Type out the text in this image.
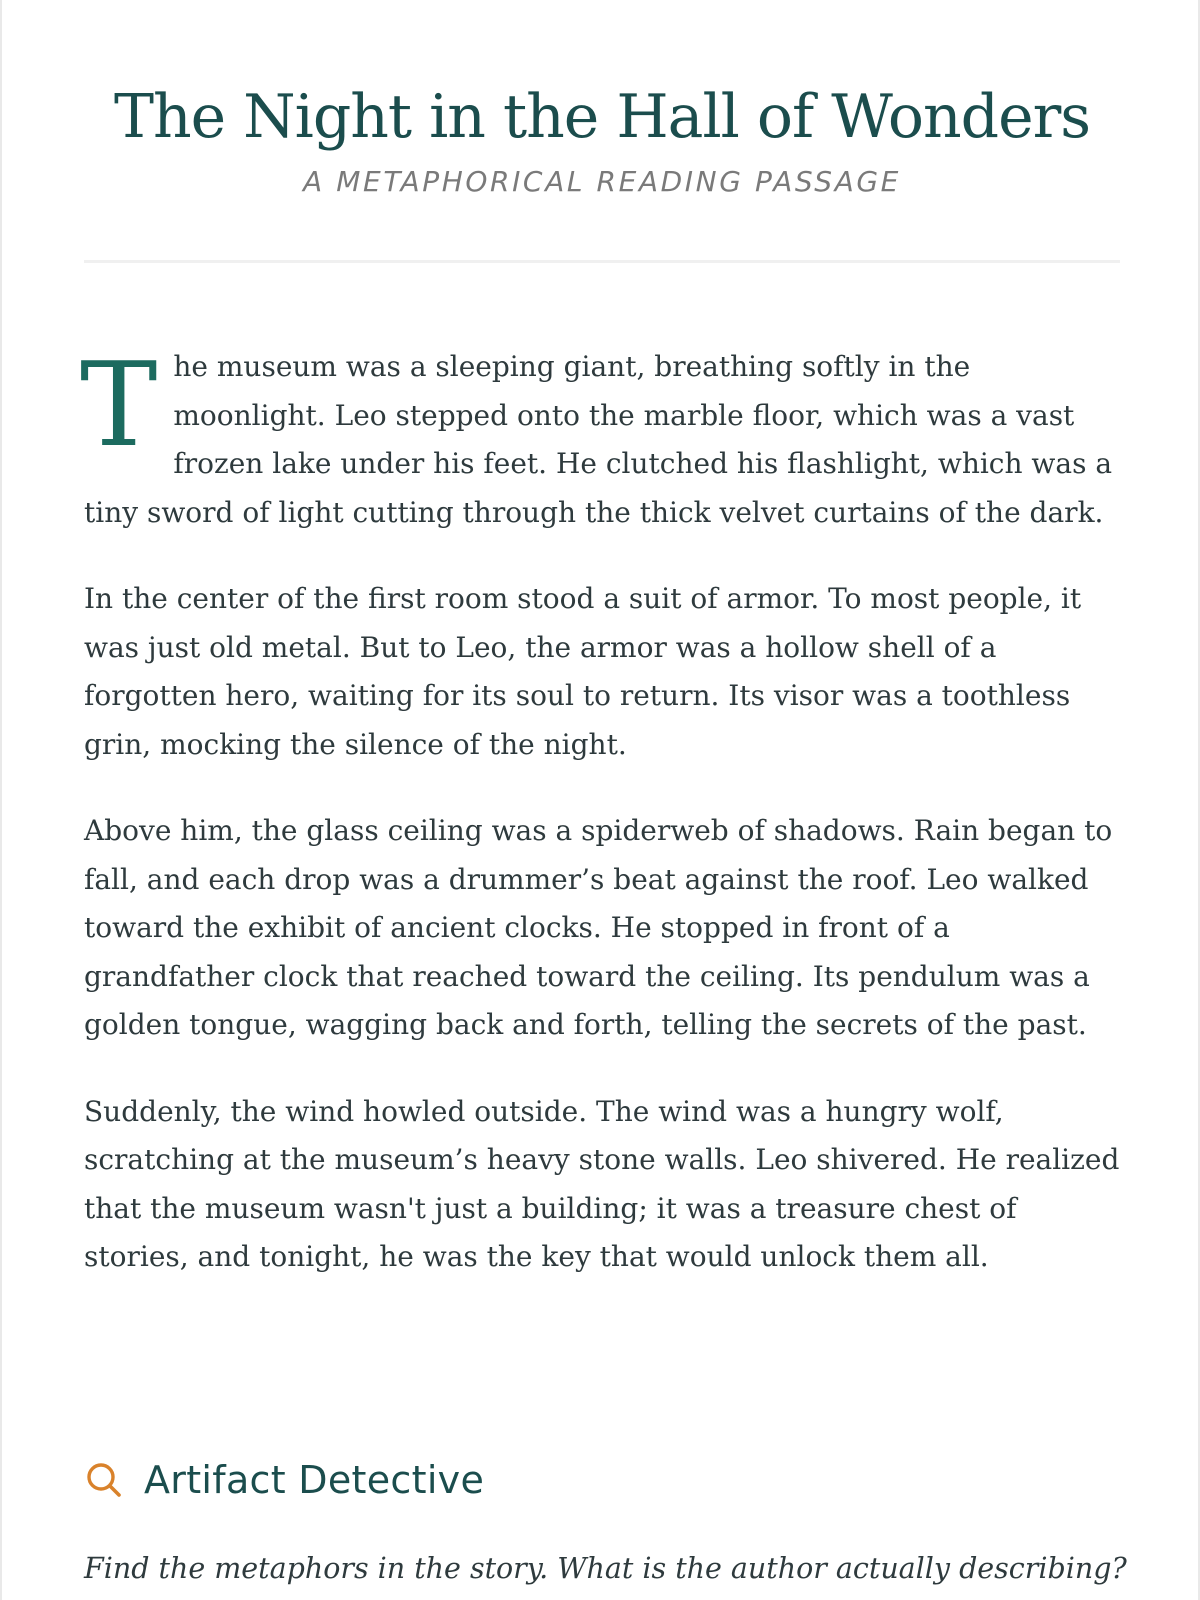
The Night in the Hall of Wonders
A METAPHORICAL READING PASSAGE

The museum was a sleeping giant, breathing softly in the moonlight. Leo stepped onto the marble floor, which was a vast frozen lake under his feet. He clutched his flashlight, which was a tiny sword of light cutting through the thick velvet curtains of the dark.

In the center of the first room stood a suit of armor. To most people, it was just old metal. But to Leo, the armor was a hollow shell of a forgotten hero, waiting for its soul to return. Its visor was a toothless grin, mocking the silence of the night.

Above him, the glass ceiling was a spiderweb of shadows. Rain began to fall, and each drop was a drummer’s beat against the roof. Leo walked toward the exhibit of ancient clocks. He stopped in front of a grandfather clock that reached toward the ceiling. Its pendulum was a golden tongue, wagging back and forth, telling the secrets of the past.

Suddenly, the wind howled outside. The wind was a hungry wolf, scratching at the museum’s heavy stone walls. Leo shivered. He realized that the museum wasn't just a building; it was a treasure chest of stories, and tonight, he was the key that would unlock them all.

Artifact Detective
Find the metaphors in the story. What is the author actually describing?
